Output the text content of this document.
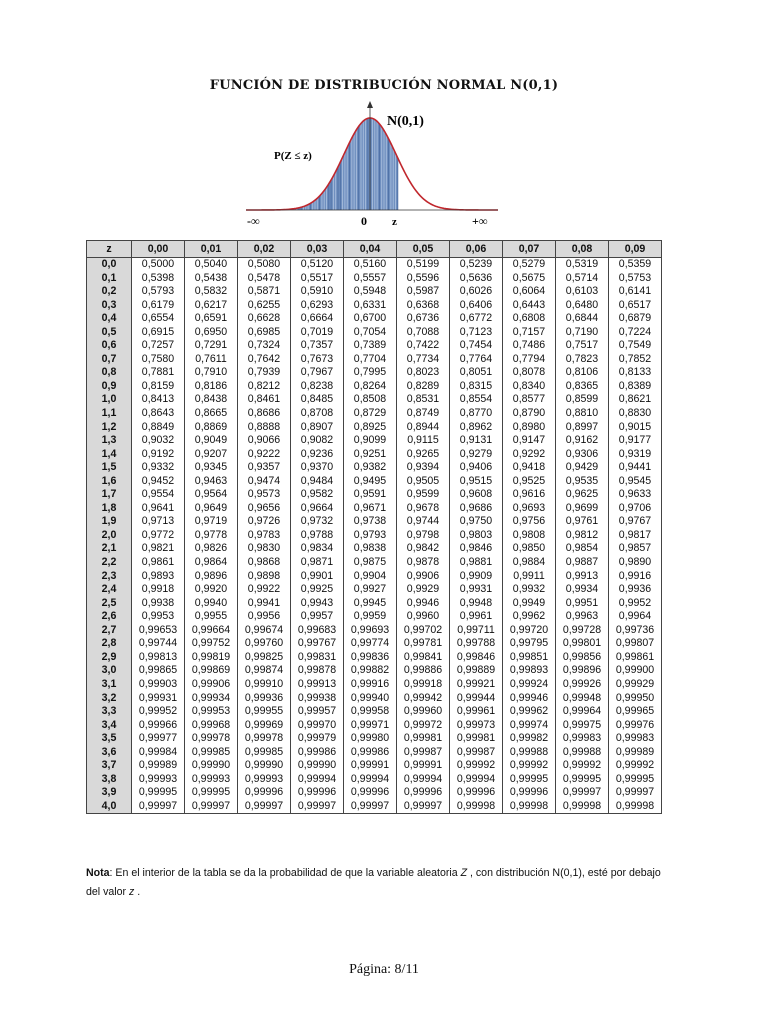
FUNCIÓN DE DISTRIBUCIÓN NORMAL N(0,1)
N(0,1)
P(Z ≤ z)
-∞	0 z	+∞
z	0,00	0,01	0,02	0,03	0,04	0,05	0,06	0,07	0,08	0,09
0,0	0,5000	0,5040	0,5080	0,5120	0,5160	0,5199	0,5239	0,5279	0,5319	0,5359
0,1	0,5398	0,5438	0,5478	0,5517	0,5557	0,5596	0,5636	0,5675	0,5714	0,5753
0,2	0,5793	0,5832	0,5871	0,5910	0,5948	0,5987	0,6026	0,6064	0,6103	0,6141
0,3	0,6179	0,6217	0,6255	0,6293	0,6331	0,6368	0,6406	0,6443	0,6480	0,6517
0,4	0,6554	0,6591	0,6628	0,6664	0,6700	0,6736	0,6772	0,6808	0,6844	0,6879
0,5	0,6915	0,6950	0,6985	0,7019	0,7054	0,7088	0,7123	0,7157	0,7190	0,7224
0,6	0,7257	0,7291	0,7324	0,7357	0,7389	0,7422	0,7454	0,7486	0,7517	0,7549
0,7	0,7580	0,7611	0,7642	0,7673	0,7704	0,7734	0,7764	0,7794	0,7823	0,7852
0,8	0,7881	0,7910	0,7939	0,7967	0,7995	0,8023	0,8051	0,8078	0,8106	0,8133
0,9	0,8159	0,8186	0,8212	0,8238	0,8264	0,8289	0,8315	0,8340	0,8365	0,8389
1,0	0,8413	0,8438	0,8461	0,8485	0,8508	0,8531	0,8554	0,8577	0,8599	0,8621
1,1	0,8643	0,8665	0,8686	0,8708	0,8729	0,8749	0,8770	0,8790	0,8810	0,8830
1,2	0,8849	0,8869	0,8888	0,8907	0,8925	0,8944	0,8962	0,8980	0,8997	0,9015
1,3	0,9032	0,9049	0,9066	0,9082	0,9099	0,9115	0,9131	0,9147	0,9162	0,9177
1,4	0,9192	0,9207	0,9222	0,9236	0,9251	0,9265	0,9279	0,9292	0,9306	0,9319
1,5	0,9332	0,9345	0,9357	0,9370	0,9382	0,9394	0,9406	0,9418	0,9429	0,9441
1,6	0,9452	0,9463	0,9474	0,9484	0,9495	0,9505	0,9515	0,9525	0,9535	0,9545
1,7	0,9554	0,9564	0,9573	0,9582	0,9591	0,9599	0,9608	0,9616	0,9625	0,9633
1,8	0,9641	0,9649	0,9656	0,9664	0,9671	0,9678	0,9686	0,9693	0,9699	0,9706
1,9	0,9713	0,9719	0,9726	0,9732	0,9738	0,9744	0,9750	0,9756	0,9761	0,9767
2,0	0,9772	0,9778	0,9783	0,9788	0,9793	0,9798	0,9803	0,9808	0,9812	0,9817
2,1	0,9821	0,9826	0,9830	0,9834	0,9838	0,9842	0,9846	0,9850	0,9854	0,9857
2,2	0,9861	0,9864	0,9868	0,9871	0,9875	0,9878	0,9881	0,9884	0,9887	0,9890
2,3	0,9893	0,9896	0,9898	0,9901	0,9904	0,9906	0,9909	0,9911	0,9913	0,9916
2,4	0,9918	0,9920	0,9922	0,9925	0,9927	0,9929	0,9931	0,9932	0,9934	0,9936
2,5	0,9938	0,9940	0,9941	0,9943	0,9945	0,9946	0,9948	0,9949	0,9951	0,9952
2,6	0,9953	0,9955	0,9956	0,9957	0,9959	0,9960	0,9961	0,9962	0,9963	0,9964
2,7	0,99653	0,99664	0,99674	0,99683	0,99693	0,99702	0,99711	0,99720	0,99728	0,99736
2,8	0,99744	0,99752	0,99760	0,99767	0,99774	0,99781	0,99788	0,99795	0,99801	0,99807
2,9	0,99813	0,99819	0,99825	0,99831	0,99836	0,99841	0,99846	0,99851	0,99856	0,99861
3,0	0,99865	0,99869	0,99874	0,99878	0,99882	0,99886	0,99889	0,99893	0,99896	0,99900
3,1	0,99903	0,99906	0,99910	0,99913	0,99916	0,99918	0,99921	0,99924	0,99926	0,99929
3,2	0,99931	0,99934	0,99936	0,99938	0,99940	0,99942	0,99944	0,99946	0,99948	0,99950
3,3	0,99952	0,99953	0,99955	0,99957	0,99958	0,99960	0,99961	0,99962	0,99964	0,99965
3,4	0,99966	0,99968	0,99969	0,99970	0,99971	0,99972	0,99973	0,99974	0,99975	0,99976
3,5	0,99977	0,99978	0,99978	0,99979	0,99980	0,99981	0,99981	0,99982	0,99983	0,99983
3,6	0,99984	0,99985	0,99985	0,99986	0,99986	0,99987	0,99987	0,99988	0,99988	0,99989
3,7	0,99989	0,99990	0,99990	0,99990	0,99991	0,99991	0,99992	0,99992	0,99992	0,99992
3,8	0,99993	0,99993	0,99993	0,99994	0,99994	0,99994	0,99994	0,99995	0,99995	0,99995
3,9	0,99995	0,99995	0,99996	0,99996	0,99996	0,99996	0,99996	0,99996	0,99997	0,99997
4,0	0,99997	0,99997	0,99997	0,99997	0,99997	0,99997	0,99998	0,99998	0,99998	0,99998
Nota: En el interior de la tabla se da la probabilidad de que la variable aleatoria Z , con distribución N(0,1), esté por debajo del valor z .
Página: 8/11
